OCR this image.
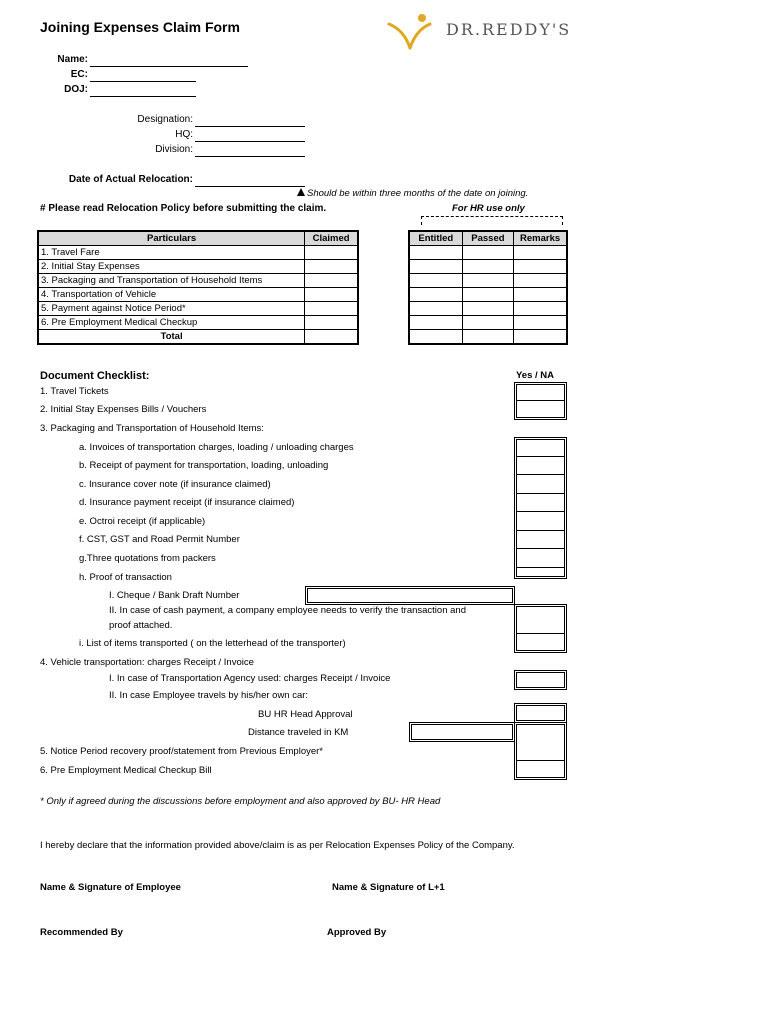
Joining Expenses Claim Form	DR.REDDY'S
Name:
EC:
DOJ:
Designation:
HQ:
Division:
Date of Actual Relocation:
Should be within three months of the date on joining.
# Please read Relocation Policy before submitting the claim.	For HR use only
Particulars	Claimed
1. Travel Fare	
2. Initial Stay Expenses	
3. Packaging and Transportation of Household Items	
4. Transportation of Vehicle	
5. Payment against Notice Period*	
6. Pre Employment Medical Checkup	
Total	
Entitled	Passed	Remarks

Document Checklist:	Yes / NA
1. Travel Tickets
2. Initial Stay Expenses Bills / Vouchers
3. Packaging and Transportation of Household Items:
a. Invoices of transportation charges, loading / unloading charges
b. Receipt of payment for transportation, loading, unloading
c. Insurance cover note (if insurance claimed)
d. Insurance payment receipt (if insurance claimed)
e. Octroi receipt (if applicable)
f. CST, GST and Road Permit Number
g.Three quotations from packers
h. Proof of transaction
I. Cheque / Bank Draft Number
II. In case of cash payment, a company employee needs to verify the transaction and
proof attached.
i. List of items transported ( on the letterhead of the transporter)
4. Vehicle transportation: charges Receipt / Invoice
I. In case of Transportation Agency used: charges Receipt / Invoice
II. In case Employee travels by his/her own car:
BU HR Head Approval
Distance traveled in KM
5. Notice Period recovery proof/statement from Previous Employer*
6. Pre Employment Medical Checkup Bill
* Only if agreed during the discussions before employment and also approved by BU- HR Head
I hereby declare that the information provided above/claim is as per Relocation Expenses Policy of the Company.
Name & Signature of Employee	Name & Signature of L+1
Recommended By	Approved By
